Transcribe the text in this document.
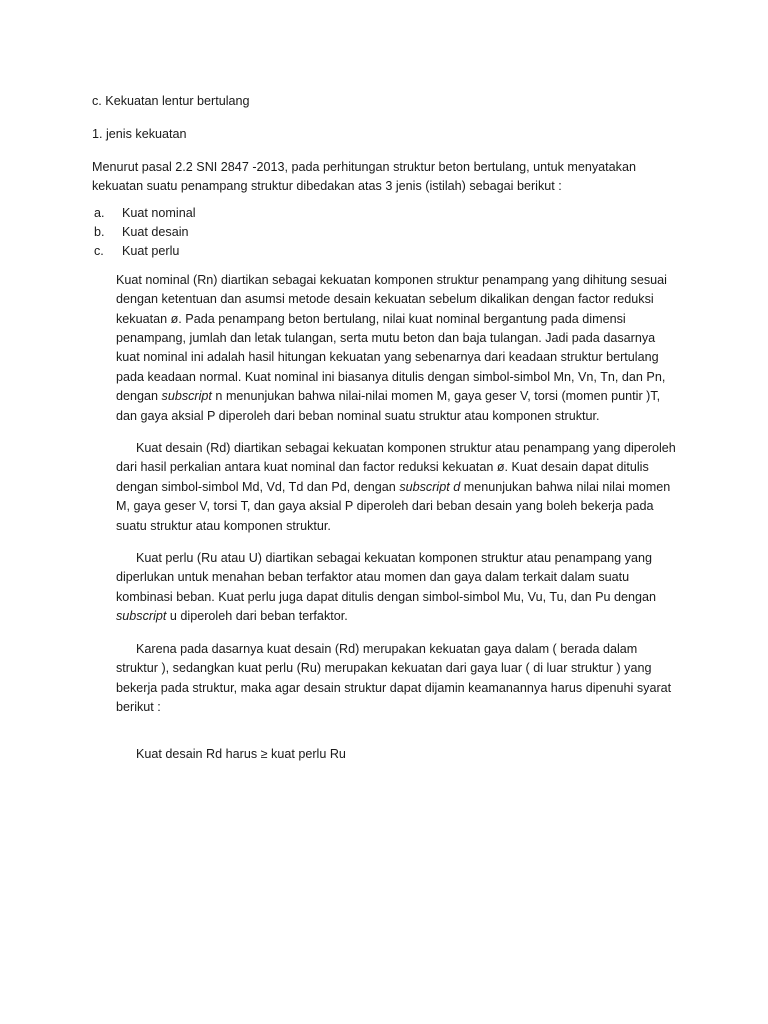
c. Kekuatan lentur bertulang

1. jenis kekuatan

Menurut pasal 2.2 SNI 2847 -2013, pada perhitungan struktur beton bertulang, untuk menyatakan kekuatan suatu penampang struktur dibedakan atas 3 jenis (istilah) sebagai berikut :

a.	Kuat nominal
b.	Kuat desain
c.	Kuat perlu

Kuat nominal (Rn) diartikan sebagai kekuatan komponen struktur penampang yang dihitung sesuai dengan ketentuan dan asumsi metode desain kekuatan sebelum dikalikan dengan factor reduksi kekuatan ø. Pada penampang beton bertulang, nilai kuat nominal bergantung pada dimensi penampang, jumlah dan letak tulangan, serta mutu beton dan baja tulangan. Jadi pada dasarnya kuat nominal ini adalah hasil hitungan kekuatan yang sebenarnya dari keadaan struktur bertulang pada keadaan normal. Kuat nominal ini biasanya ditulis dengan simbol-simbol Mn, Vn, Tn, dan Pn, dengan subscript n menunjukan bahwa nilai-nilai momen M, gaya geser V, torsi (momen puntir )T, dan gaya aksial P diperoleh dari beban nominal suatu struktur atau komponen struktur.

Kuat desain (Rd) diartikan sebagai kekuatan komponen struktur atau penampang yang diperoleh dari hasil perkalian antara kuat nominal dan factor reduksi kekuatan ø. Kuat desain dapat ditulis dengan simbol-simbol Md, Vd, Td dan Pd, dengan subscript d menunjukan bahwa nilai nilai momen M, gaya geser V, torsi T, dan gaya aksial P diperoleh dari beban desain yang boleh bekerja pada suatu struktur atau komponen struktur.

Kuat perlu (Ru atau U) diartikan sebagai kekuatan komponen struktur atau penampang yang diperlukan untuk menahan beban terfaktor atau momen dan gaya dalam terkait dalam suatu kombinasi beban. Kuat perlu juga dapat ditulis dengan simbol-simbol Mu, Vu, Tu, dan Pu dengan subscript u diperoleh dari beban terfaktor.

Karena pada dasarnya kuat desain (Rd) merupakan kekuatan gaya dalam ( berada dalam struktur ), sedangkan kuat perlu (Ru) merupakan kekuatan dari gaya luar ( di luar struktur ) yang bekerja pada struktur, maka agar desain struktur dapat dijamin keamanannya harus dipenuhi syarat berikut :

Kuat desain Rd harus ≥ kuat perlu Ru
